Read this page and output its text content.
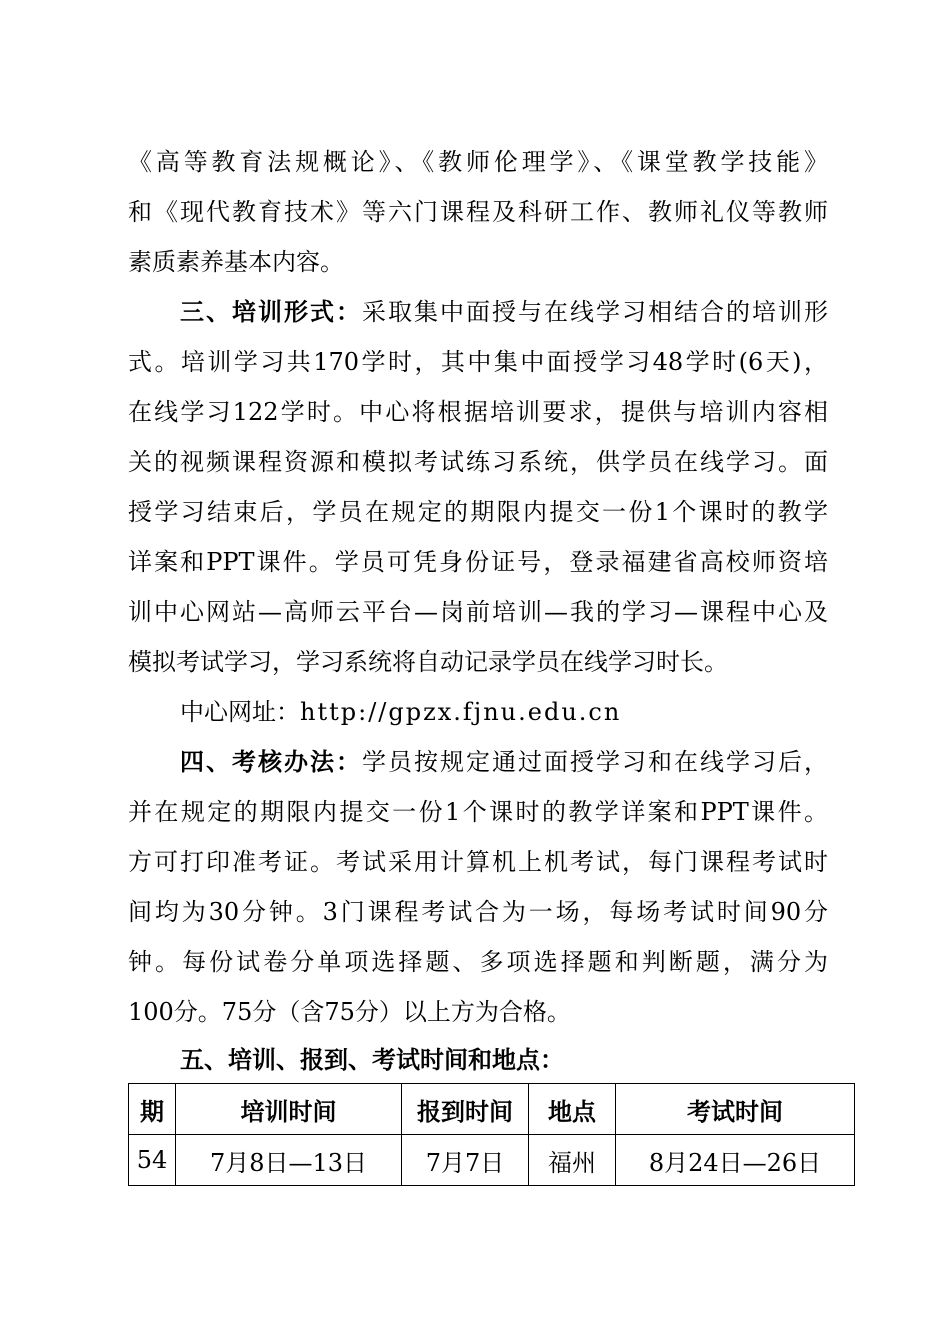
《高等教育法规概论》、《教师伦理学》、《课堂教学技能》
和《现代教育技术》等六门课程及科研工作、教师礼仪等教师
素质素养基本内容。
三、培训形式：采取集中面授与在线学习相结合的培训形
式。培训学习共170学时，其中集中面授学习48学时(6天)，
在线学习122学时。中心将根据培训要求，提供与培训内容相
关的视频课程资源和模拟考试练习系统，供学员在线学习。面
授学习结束后，学员在规定的期限内提交一份1个课时的教学
详案和PPT课件。学员可凭身份证号，登录福建省高校师资培
训中心网站—高师云平台—岗前培训—我的学习—课程中心及
模拟考试学习，学习系统将自动记录学员在线学习时长。
中心网址：http://gpzx.fjnu.edu.cn
四、考核办法：学员按规定通过面授学习和在线学习后，
并在规定的期限内提交一份1个课时的教学详案和PPT课件。
方可打印准考证。考试采用计算机上机考试，每门课程考试时
间均为30分钟。3门课程考试合为一场，每场考试时间90分
钟。每份试卷分单项选择题、多项选择题和判断题，满分为
100分。75分（含75分）以上方为合格。
五、培训、报到、考试时间和地点：
期	培训时间	报到时间	地点	考试时间
54	7月8日—13日	7月7日	福州	8月24日—26日
